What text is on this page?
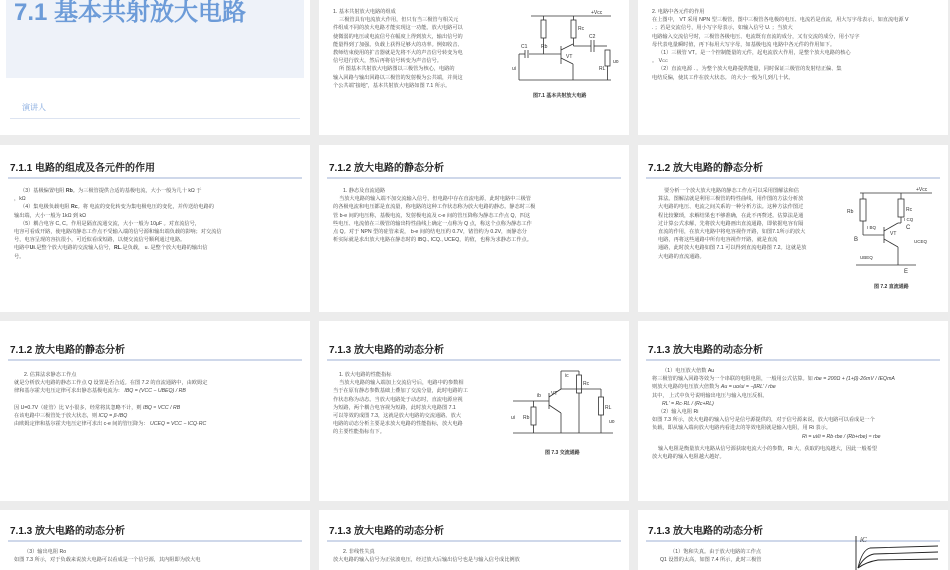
7.1 基本共射放大电路
演讲人
1. 基本共射放大电路的组成
三极管具有电流放大作用，但只有当三极管与相关元
件组成不同的放大电路才能实现这一功能。放大电路可以
使微弱的电压或电流信号在幅度上得到放大，输出信号的
能量得到了加强。负载上获得足够大的功率。例如收音、
教师结束使用的扩音器就是先将不大的声音信号转变为电
信号进行放大，然后再将信号转变为声音信号。
所 图基本共射放大电路图以三极管为核心，电路的
输入回路与输出回路以三极管的发射极为公共端，并尚这
个公共端“接地”，基本共射放大电路如图 7.1 所示。
Rb
Rc
C1
C2
VT
ui
uo
RL
+Vcc
图7.1 基本共射放大电路
2. 电路中各元件的作用
在上图中， VT 采用 NPN 型三极管，图中三极管各电极的电压、电流若是直流，用大写字母表示，如直流电源 V
. ；若是交流信号，用小写字母表示，如输入信号 U. ；当放大
电路输入交流信号时，三极管各极电压、电流既有直流的成分，又有交流的成分，用小写字
母代表电量瞬时值，再下标用大写字母，如基极电流 电路中各元件的作用如下。
（1）三极管 VT。是一个控制能量的元件，起电流放大作用，是整个放大电路的核心
。 VCC
（2）直流电源 . 。为整个放大电路提供能量，同时保证三极管的发射结正偏、集
电结反偏，使其工作在放大状态。 的大小一般为几到几十伏。
7.1.1 电路的组成及各元件的作用
（3）基极偏置电阻 Rb。为三极管提供合适的基极电流，大小一般为几十 kΩ 于
，kΩ
（4）集电极负载电阻 Rc。将 电流的变化转变为集电极电压的变化，并传送给电路的
输出端，大小一般为 1kΩ 到 kΩ
（5）耦合电容 C, C。作用是隔直流通交流，大小一般为 10μF 。对直流信号，
电容可看成开路，使电路的静态工作点不受输入端的信号源和输出端负载的影响；对交流信
号，电容呈现的容抗很小，可近似看成短路，以便交流信号顺利通过电路。
电路中Ui.是整个放大电路的交流输入信号，RL.是负载， u. 是整个放大电路的输出信
号。
7.1.2 放大电路的静态分析
1. 静态及直流通路
当放大电路的输入端不加交流输入信号，但电路中存在直流电源，此时电路中三极管
的各极电流和电压都是直流量，称电路的这种工作状态称为放大电路的静态。静态时三极
管 b-e 间的电压称，基极电流，发射极电流及 c-e 间的管压降称为静态工作点 Q，四这
些电压、电流值在三极管的输出特性曲线上确定一点称为 Q 点，称这个点称为静态工作
点 Q。对于 NPN 型的硅管来说， b-e 间的结电压约 0.7V，锗管约为 0.2V，而静态分
析实际就是求出放大电路在静态时的 IBQ., ICQ., UCEQ，的值，也称为求静态工作点。
7.1.2 放大电路的静态分析
要分析一个放大放大电路的静态工作点可以采用图解法和估
算法。图解法就是利用三极管的特性曲线，用作图的方法分析放
大电路的电压、电流之间关系的一种分析方法。这种方法作图过
程比较繁琐，求解结果也不够准确，在此不再赘述。估算法是通
过计算公式求解，先将放大电路画出直流通路，即依据电容有隔
直流的作用，在放大电路中将电容视作开路，如图7.1所示的放大
电路，再将这些通路中所有电容视作开路，就是直流
通路，此时放大电路如图 7.1 可以得到直流电路图 7.2。这就是放
大电路的直流通路。
Rb	Rc
I BQ
I CQ
VT
B
C
E
UBEQ
UCEQ
+Vcc
图 7.2 直流通路
7.1.2 放大电路的静态分析
2. 估算法求静态工作点
就是分析放大电路的静态工作点 Q 设置是否合适。在图 7.2 的直流通路中，由欧姆定
律和基尔霍夫电压定律可求出静态基极电流为： IBQ = (VCC − UBEQ) / RB
因 U=0.7V（硅管）比 V小很多，经常将其忽略不计，则 IBQ ≈ VCC / RB
在该电路中三极管处于放大状态，则 ICQ = β·IBQ
由欧姆定律和基尔霍夫电压定律可求出 c-e 间的管压降为： UCEQ = VCC − ICQ·RC
7.1.3 放大电路的动态分析
1. 放大电路的性能指标
当放大电路的输入端加上交流信号后，电路中的参数相
当于在原有静态参数基础上叠加了交流分量，此时电路的工
作状态称为动态。当放大电路处于动态时，直流电源应视
为短路，两个耦合电容视为短路，此时放大电路图 7.1
可以等效的成图 7.3，这就是放大电路的交流通路。放大
电路的动态分析主要是求放大电路的性能指标，放大电路
的主要性能指标有下。
ib
ic
Rb
Rc
RL
VT
ui
uo
图 7.3 交流通路
7.1.3 放大电路的动态分析
（1）电压放大倍数 Au
将三极管的输入回路等效为一个串联的电阻电阻，一般用公式估算。如 rbe = 200Ω + (1+β)·26mV / IEQmA
则放大电路的电压放大倍数为 Au = uo/ui = −βRL′ / rbe
其中， 上式中负号说明输出电压与输入电压反相。
RL′ = Rc·RL / (Rc+RL)
（2）输入电阻 Ri
如图 7.3 所示，放大电路的输入信号是信号源提供的，对于信号源来说，放大电路可以看成是一个
负载，即从输入端向放大电路内看进去的等效电阻就是输入电阻，用 Ri 表示。
Ri = ui/ii = Rb·rbe / (Rb+rbe) ≈ rbe
输入电阻是衡量放大电路从信号源获取电流大小的参数，Ri 大，获取的电流越大，因此一般希望
放大电路的输入电阻越大越好。
7.1.3 放大电路的动态分析
（3）输出电阻 Ro
如图 7.3 所示，对于负载来说放大电路可以看成是一个信号源，其内阻即为放大电
7.1.3 放大电路的动态分析
2. 非线性失真
放大电路的输入信号为正弦波电压，经过放大后输出信号也是与输入信号成比例放
7.1.3 放大电路的动态分析
（1）饱和失真。由于放大电路的工作点
Q1 设置的太高，如图 7.4 所示，此时三极管
iC
